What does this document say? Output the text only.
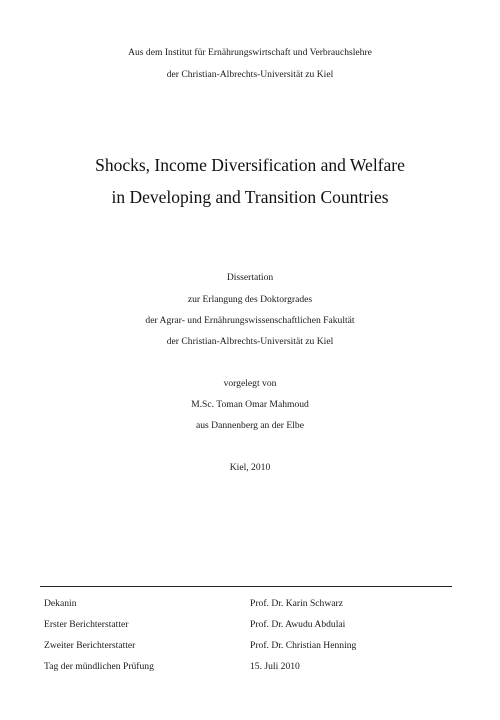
Aus dem Institut für Ernährungswirtschaft und Verbrauchslehre
der Christian-Albrechts-Universität zu Kiel
Shocks, Income Diversification and Welfare
in Developing and Transition Countries
Dissertation
zur Erlangung des Doktorgrades
der Agrar- und Ernährungswissenschaftlichen Fakultät
der Christian-Albrechts-Universität zu Kiel
vorgelegt von
M.Sc. Toman Omar Mahmoud
aus Dannenberg an der Elbe
Kiel, 2010
Dekanin	Prof. Dr. Karin Schwarz
Erster Berichterstatter	Prof. Dr. Awudu Abdulai
Zweiter Berichterstatter	Prof. Dr. Christian Henning
Tag der mündlichen Prüfung	15. Juli 2010
